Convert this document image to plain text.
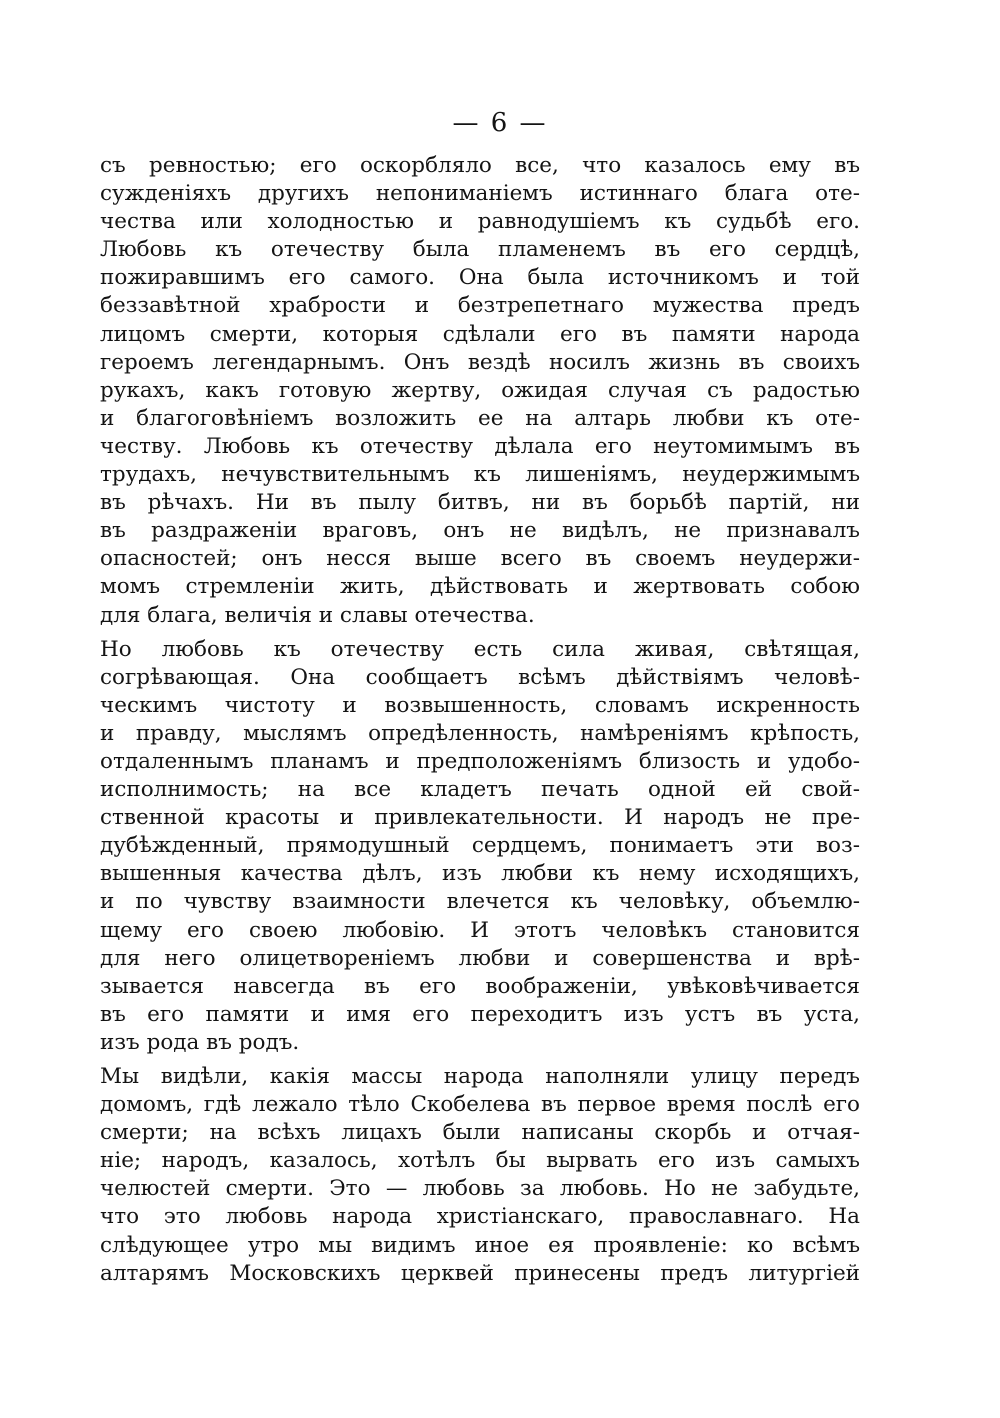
— 6 —
съ ревностью; его оскорбляло все, что казалось ему въ
сужденіяхъ другихъ непониманіемъ истиннаго блага оте-
чества или холодностью и равнодушіемъ къ судьбѣ его.
Любовь къ отечеству была пламенемъ въ его сердцѣ,
пожиравшимъ его самого. Она была источникомъ и той
беззавѣтной храбрости и безтрепетнаго мужества предъ
лицомъ смерти, которыя сдѣлали его въ памяти народа
героемъ легендарнымъ. Онъ вездѣ носилъ жизнь въ своихъ
рукахъ, какъ готовую жертву, ожидая случая съ радостью
и благоговѣніемъ возложить ее на алтарь любви къ оте-
честву. Любовь къ отечеству дѣлала его неутомимымъ въ
трудахъ, нечувствительнымъ къ лишеніямъ, неудержимымъ
въ рѣчахъ. Ни въ пылу битвъ, ни въ борьбѣ партій, ни
въ раздраженіи враговъ, онъ не видѣлъ, не признавалъ
опасностей; онъ несся выше всего въ своемъ неудержи-
момъ стремленіи жить, дѣйствовать и жертвовать собою
для блага, величія и славы отечества.
Но любовь къ отечеству есть сила живая, свѣтящая,
согрѣвающая. Она сообщаетъ всѣмъ дѣйствіямъ человѣ-
ческимъ чистоту и возвышенность, словамъ искренность
и правду, мыслямъ опредѣленность, намѣреніямъ крѣпость,
отдаленнымъ планамъ и предположеніямъ близость и удобо-
исполнимость; на все кладетъ печать одной ей свой-
ственной красоты и привлекательности. И народъ не пре-
дубѣжденный, прямодушный сердцемъ, понимаетъ эти воз-
вышенныя качества дѣлъ, изъ любви къ нему исходящихъ,
и по чувству взаимности влечется къ человѣку, объемлю-
щему его своею любовію. И этотъ человѣкъ становится
для него олицетвореніемъ любви и совершенства и врѣ-
зывается навсегда въ его воображеніи, увѣковѣчивается
въ его памяти и имя его переходитъ изъ устъ въ уста,
изъ рода въ родъ.
Мы видѣли, какія массы народа наполняли улицу передъ
домомъ, гдѣ лежало тѣло Скобелева въ первое время послѣ его
смерти; на всѣхъ лицахъ были написаны скорбь и отчая-
ніе; народъ, казалось, хотѣлъ бы вырвать его изъ самыхъ
челюстей смерти. Это — любовь за любовь. Но не забудьте,
что это любовь народа христіанскаго, православнаго. На
слѣдующее утро мы видимъ иное ея проявленіе: ко всѣмъ
алтарямъ Московскихъ церквей принесены предъ литургіей
